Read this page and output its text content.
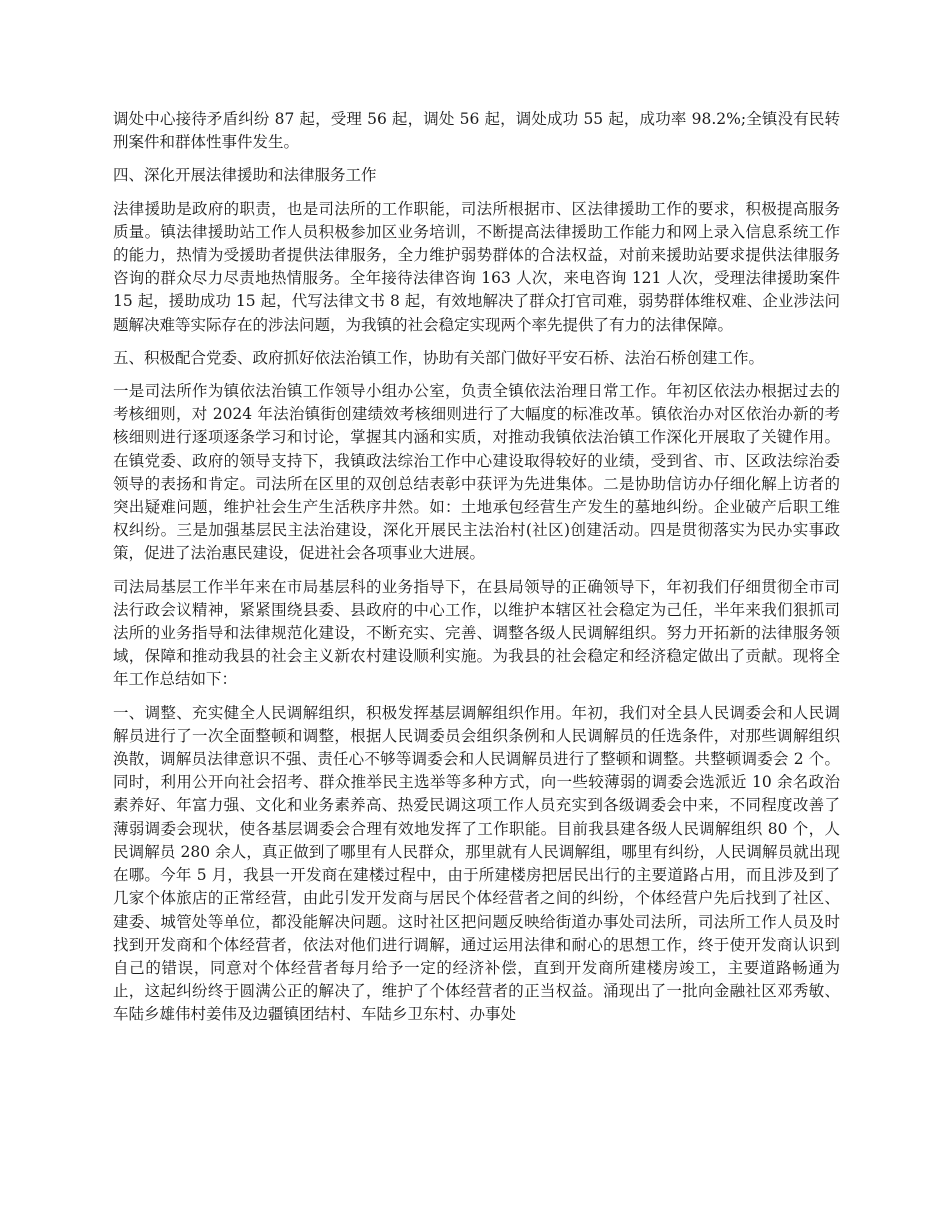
调处中心接待矛盾纠纷 87 起，受理 56 起，调处 56 起，调处成功 55 起，成功率 98.2%;全镇没有民转刑案件和群体性事件发生。

四、深化开展法律援助和法律服务工作

法律援助是政府的职责，也是司法所的工作职能，司法所根据市、区法律援助工作的要求，积极提高服务质量。镇法律援助站工作人员积极参加区业务培训，不断提高法律援助工作能力和网上录入信息系统工作的能力，热情为受援助者提供法律服务，全力维护弱势群体的合法权益，对前来援助站要求提供法律服务咨询的群众尽力尽责地热情服务。全年接待法律咨询 163 人次，来电咨询 121 人次，受理法律援助案件 15 起，援助成功 15 起，代写法律文书 8 起，有效地解决了群众打官司难，弱势群体维权难、企业涉法问题解决难等实际存在的涉法问题，为我镇的社会稳定实现两个率先提供了有力的法律保障。

五、积极配合党委、政府抓好依法治镇工作，协助有关部门做好平安石桥、法治石桥创建工作。

一是司法所作为镇依法治镇工作领导小组办公室，负责全镇依法治理日常工作。年初区依法办根据过去的考核细则，对 2024 年法治镇街创建绩效考核细则进行了大幅度的标准改革。镇依治办对区依治办新的考核细则进行逐项逐条学习和讨论，掌握其内涵和实质，对推动我镇依法治镇工作深化开展取了关键作用。在镇党委、政府的领导支持下，我镇政法综治工作中心建设取得较好的业绩，受到省、市、区政法综治委领导的表扬和肯定。司法所在区里的双创总结表彰中获评为先进集体。二是协助信访办仔细化解上访者的突出疑难问题，维护社会生产生活秩序井然。如：土地承包经营生产发生的墓地纠纷。企业破产后职工维权纠纷。三是加强基层民主法治建设，深化开展民主法治村(社区)创建活动。四是贯彻落实为民办实事政策，促进了法治惠民建设，促进社会各项事业大进展。

司法局基层工作半年来在市局基层科的业务指导下，在县局领导的正确领导下，年初我们仔细贯彻全市司法行政会议精神，紧紧围绕县委、县政府的中心工作，以维护本辖区社会稳定为己任，半年来我们狠抓司法所的业务指导和法律规范化建设，不断充实、完善、调整各级人民调解组织。努力开拓新的法律服务领域，保障和推动我县的社会主义新农村建设顺利实施。为我县的社会稳定和经济稳定做出了贡献。现将全年工作总结如下：

一、调整、充实健全人民调解组织，积极发挥基层调解组织作用。年初，我们对全县人民调委会和人民调解员进行了一次全面整顿和调整，根据人民调委员会组织条例和人民调解员的任选条件，对那些调解组织涣散，调解员法律意识不强、责任心不够等调委会和人民调解员进行了整顿和调整。共整顿调委会 2 个。同时，利用公开向社会招考、群众推举民主选举等多种方式，向一些较薄弱的调委会选派近 10 余名政治素养好、年富力强、文化和业务素养高、热爱民调这项工作人员充实到各级调委会中来，不同程度改善了薄弱调委会现状，使各基层调委会合理有效地发挥了工作职能。目前我县建各级人民调解组织 80 个，人民调解员 280 余人，真正做到了哪里有人民群众，那里就有人民调解组，哪里有纠纷，人民调解员就出现在哪。今年 5 月，我县一开发商在建楼过程中，由于所建楼房把居民出行的主要道路占用，而且涉及到了几家个体旅店的正常经营，由此引发开发商与居民个体经营者之间的纠纷，个体经营户先后找到了社区、建委、城管处等单位，都没能解决问题。这时社区把问题反映给街道办事处司法所，司法所工作人员及时找到开发商和个体经营者，依法对他们进行调解，通过运用法律和耐心的思想工作，终于使开发商认识到自己的错误，同意对个体经营者每月给予一定的经济补偿，直到开发商所建楼房竣工，主要道路畅通为止，这起纠纷终于圆满公正的解决了，维护了个体经营者的正当权益。涌现出了一批向金融社区邓秀敏、车陆乡雄伟村姜伟及边疆镇团结村、车陆乡卫东村、办事处
